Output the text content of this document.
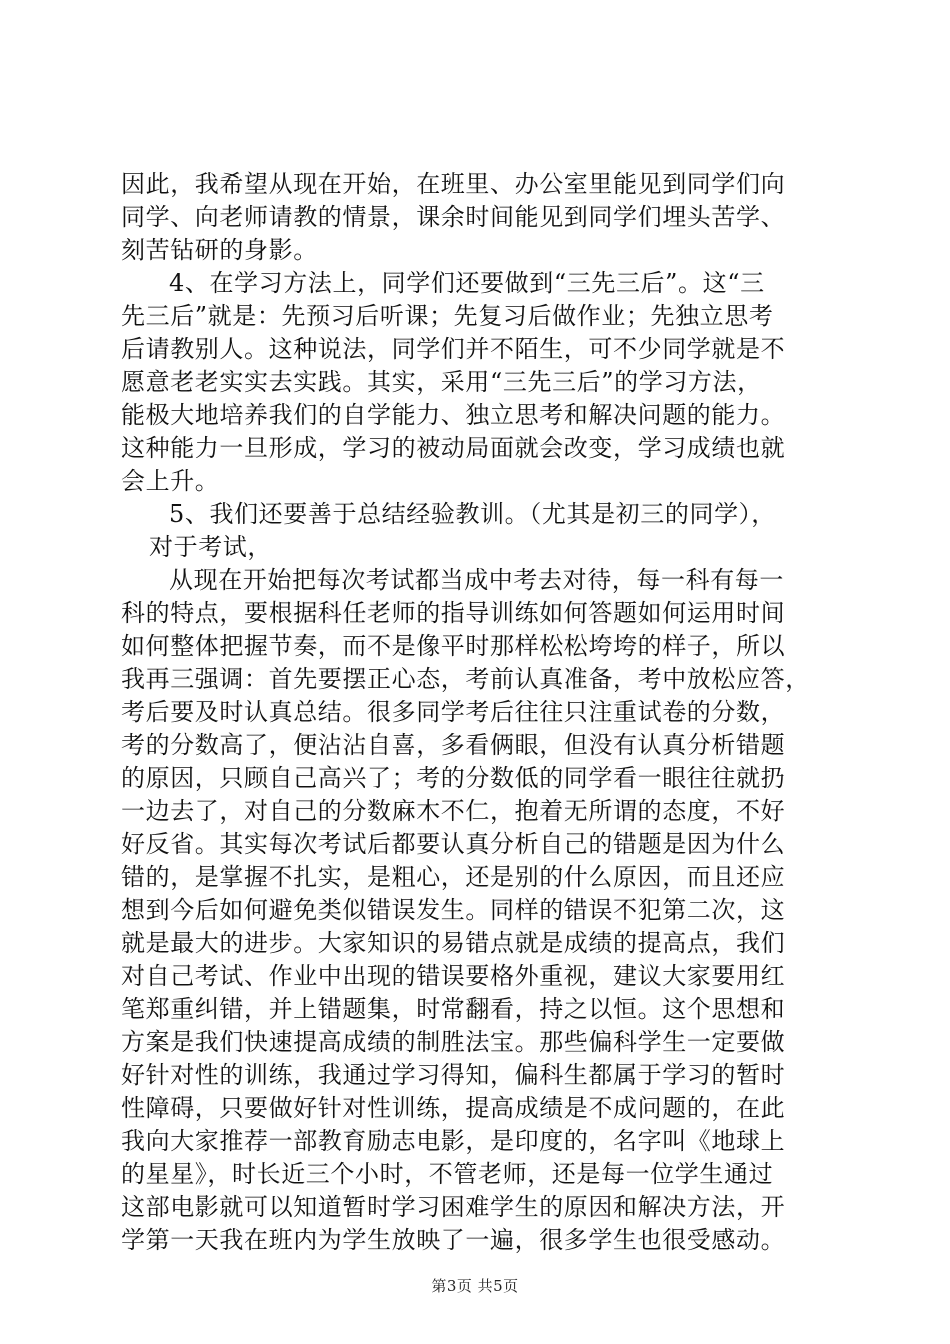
因此，我希望从现在开始，在班里、办公室里能见到同学们向
同学、向老师请教的情景，课余时间能见到同学们埋头苦学、
刻苦钻研的身影。
4、在学习方法上，同学们还要做到“三先三后”。这“三
先三后”就是：先预习后听课；先复习后做作业；先独立思考
后请教别人。这种说法，同学们并不陌生，可不少同学就是不
愿意老老实实去实践。其实，采用“三先三后”的学习方法，
能极大地培养我们的自学能力、独立思考和解决问题的能力。
这种能力一旦形成，学习的被动局面就会改变，学习成绩也就
会上升。
5、我们还要善于总结经验教训。（尤其是初三的同学），
对于考试，
从现在开始把每次考试都当成中考去对待，每一科有每一
科的特点，要根据科任老师的指导训练如何答题如何运用时间
如何整体把握节奏，而不是像平时那样松松垮垮的样子，所以
我再三强调：首先要摆正心态，考前认真准备，考中放松应答，
考后要及时认真总结。很多同学考后往往只注重试卷的分数，
考的分数高了，便沾沾自喜，多看俩眼，但没有认真分析错题
的原因，只顾自己高兴了；考的分数低的同学看一眼往往就扔
一边去了，对自己的分数麻木不仁，抱着无所谓的态度，不好
好反省。其实每次考试后都要认真分析自己的错题是因为什么
错的，是掌握不扎实，是粗心，还是别的什么原因，而且还应
想到今后如何避免类似错误发生。同样的错误不犯第二次，这
就是最大的进步。大家知识的易错点就是成绩的提高点，我们
对自己考试、作业中出现的错误要格外重视，建议大家要用红
笔郑重纠错，并上错题集，时常翻看，持之以恒。这个思想和
方案是我们快速提高成绩的制胜法宝。那些偏科学生一定要做
好针对性的训练，我通过学习得知，偏科生都属于学习的暂时
性障碍，只要做好针对性训练，提高成绩是不成问题的，在此
我向大家推荐一部教育励志电影，是印度的，名字叫《地球上
的星星》，时长近三个小时，不管老师，还是每一位学生通过
这部电影就可以知道暂时学习困难学生的原因和解决方法，开
学第一天我在班内为学生放映了一遍，很多学生也很受感动。
第3页 共5页
